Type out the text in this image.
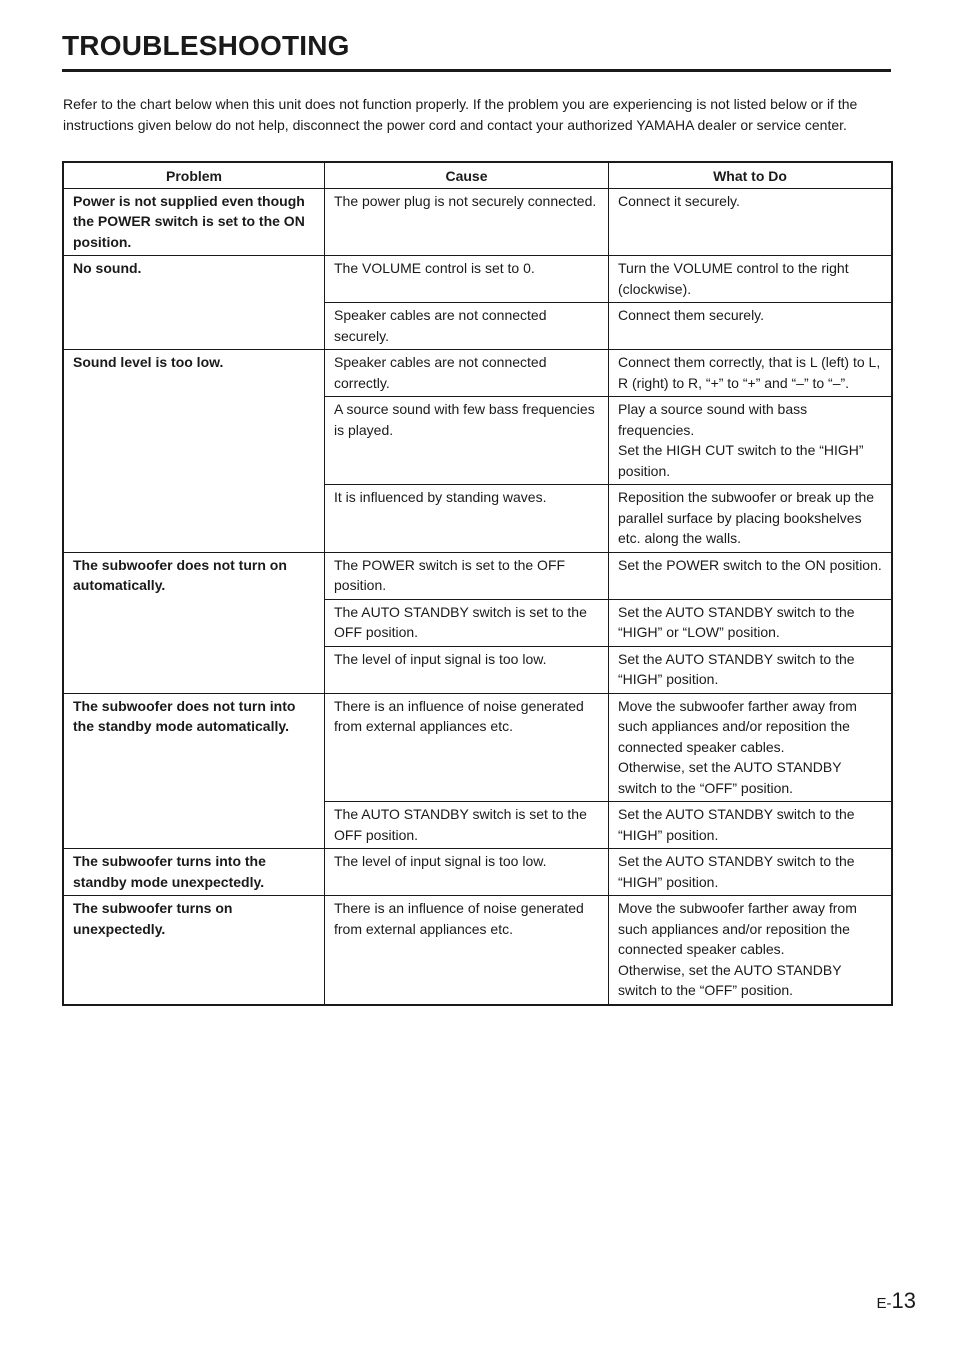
TROUBLESHOOTING

Refer to the chart below when this unit does not function properly. If the problem you are experiencing is not listed below or if the instructions given below do not help, disconnect the power cord and contact your authorized YAMAHA dealer or service center.

Problem	Cause	What to Do
Power is not supplied even though the POWER switch is set to the ON position.	The power plug is not securely connected.	Connect it securely.

No sound.	The VOLUME control is set to 0.	Turn the VOLUME control to the right (clockwise).

	Speaker cables are not connected securely.	Connect them securely.

Sound level is too low.	Speaker cables are not connected correctly.	Connect them correctly, that is L (left) to L, R (right) to R, “+” to “+” and “–” to “–”.

	A source sound with few bass frequencies is played.	Play a source sound with bass frequencies.
Set the HIGH CUT switch to the “HIGH” position.

	It is influenced by standing waves.	Reposition the subwoofer or break up the parallel surface by placing bookshelves etc. along the walls.

The subwoofer does not turn on automatically.	The POWER switch is set to the OFF position.	Set the POWER switch to the ON position.

	The AUTO STANDBY switch is set to the OFF position.	Set the AUTO STANDBY switch to the “HIGH” or “LOW” position.

	The level of input signal is too low.	Set the AUTO STANDBY switch to the “HIGH” position.

The subwoofer does not turn into the standby mode automatically.	There is an influence of noise generated from external appliances etc.	Move the subwoofer farther away from such appliances and/or reposition the connected speaker cables.
Otherwise, set the AUTO STANDBY switch to the “OFF” position.

	The AUTO STANDBY switch is set to the OFF position.	Set the AUTO STANDBY switch to the “HIGH” position.

The subwoofer turns into the standby mode unexpectedly.	The level of input signal is too low.	Set the AUTO STANDBY switch to the “HIGH” position.

The subwoofer turns on unexpectedly.	There is an influence of noise generated from external appliances etc.	Move the subwoofer farther away from such appliances and/or reposition the connected speaker cables.
Otherwise, set the AUTO STANDBY switch to the “OFF” position.
E-13
